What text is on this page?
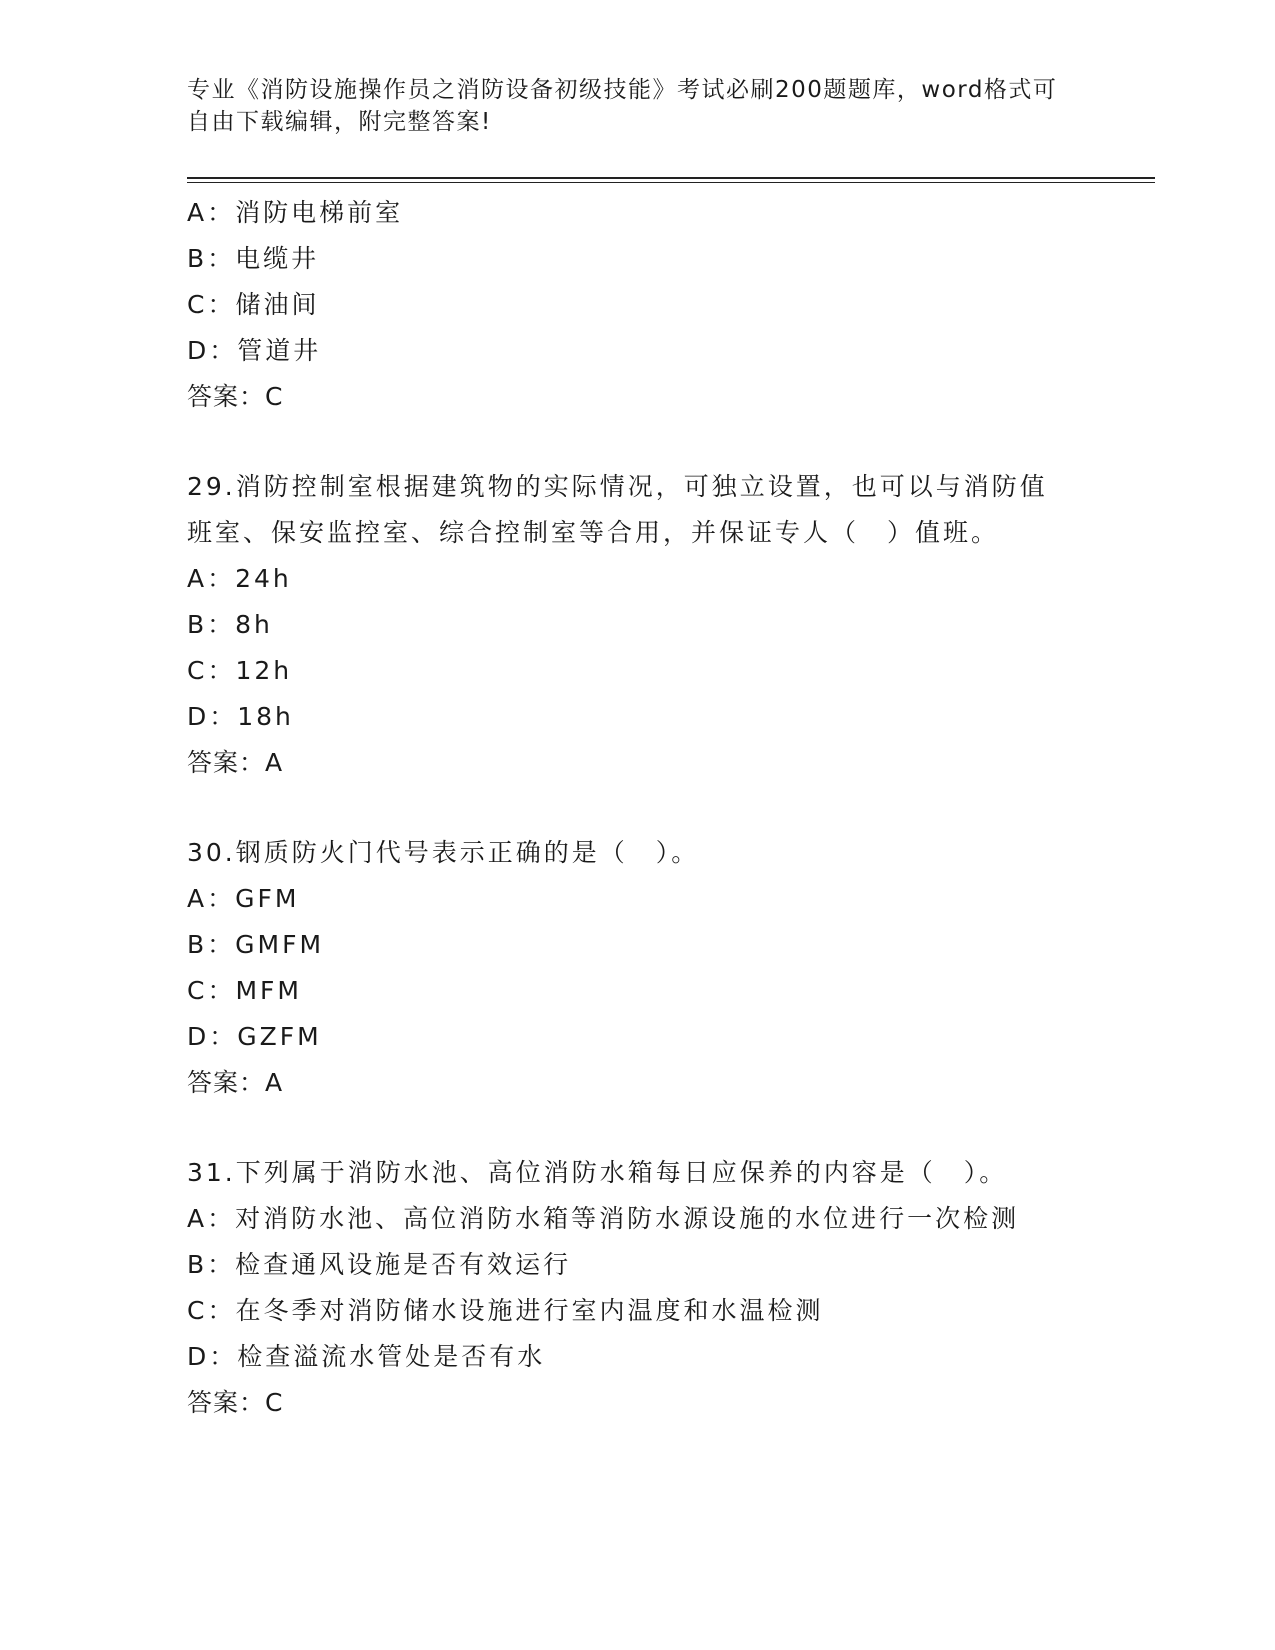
专业《消防设施操作员之消防设备初级技能》考试必刷200题题库，word格式可
自由下载编辑，附完整答案!
A：消防电梯前室
B：电缆井
C：储油间
D：管道井
答案：C
29.消防控制室根据建筑物的实际情况，可独立设置，也可以与消防值
班室、保安监控室、综合控制室等合用，并保证专人（　）值班。
A：24h
B：8h
C：12h
D：18h
答案：A
30.钢质防火门代号表示正确的是（　）。
A：GFM
B：GMFM
C：MFM
D：GZFM
答案：A
31.下列属于消防水池、高位消防水箱每日应保养的内容是（　）。
A：对消防水池、高位消防水箱等消防水源设施的水位进行一次检测
B：检查通风设施是否有效运行
C：在冬季对消防储水设施进行室内温度和水温检测
D：检查溢流水管处是否有水
答案：C
